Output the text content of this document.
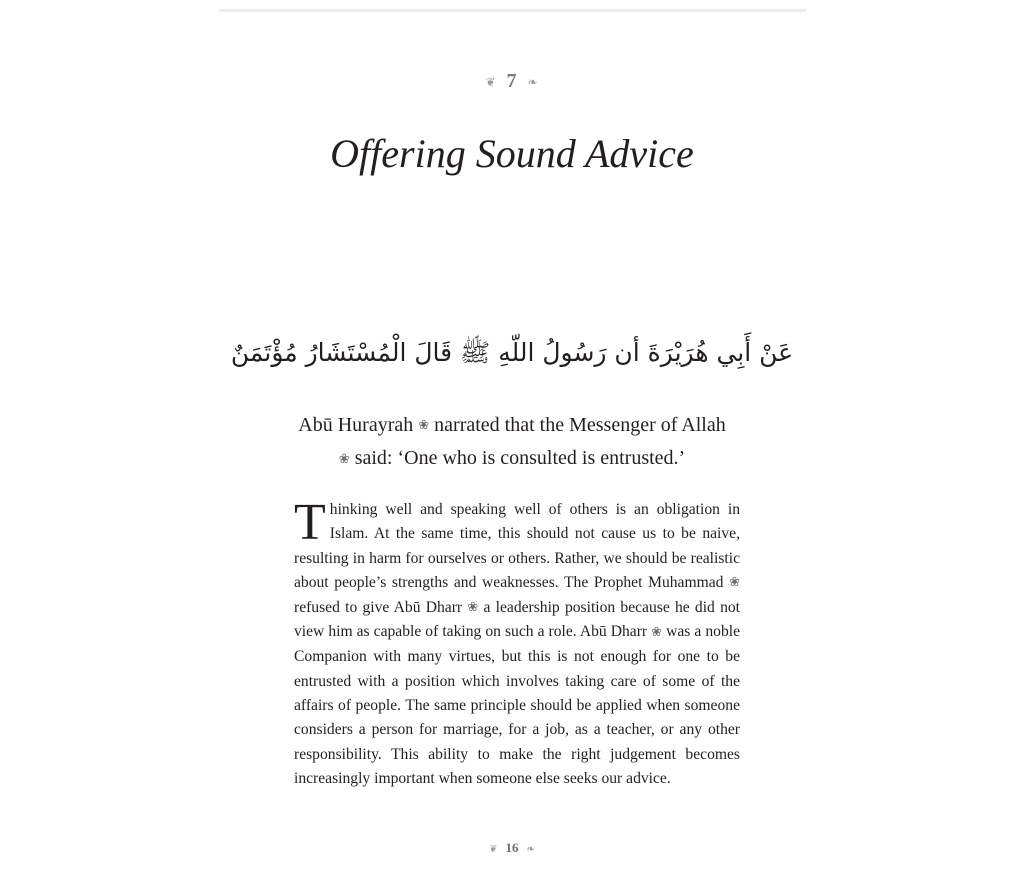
❦ 7 ❧
Offering Sound Advice
عَنْ أَبِي هُرَيْرَةَ أن رَسُولُ اللّهِ ﷺ قَالَ الْمُسْتَشَارُ مُؤْتَمَنٌ
Abū Hurayrah ❀ narrated that the Messenger of Allah
❀ said: ‘One who is consulted is entrusted.’
Thinking well and speaking well of others is an obligation in Islam. At the same time, this should not cause us to be naive, resulting in harm for ourselves or others. Rather, we should be realistic about people’s strengths and weaknesses. The Prophet Muhammad ❀ refused to give Abū Dharr ❀ a leadership position because he did not view him as capable of taking on such a role. Abū Dharr ❀ was a noble Companion with many virtues, but this is not enough for one to be entrusted with a position which involves taking care of some of the affairs of people. The same principle should be applied when someone considers a person for marriage, for a job, as a teacher, or any other responsibility. This ability to make the right judgement becomes increasingly important when someone else seeks our advice.
❦ 16 ❧
